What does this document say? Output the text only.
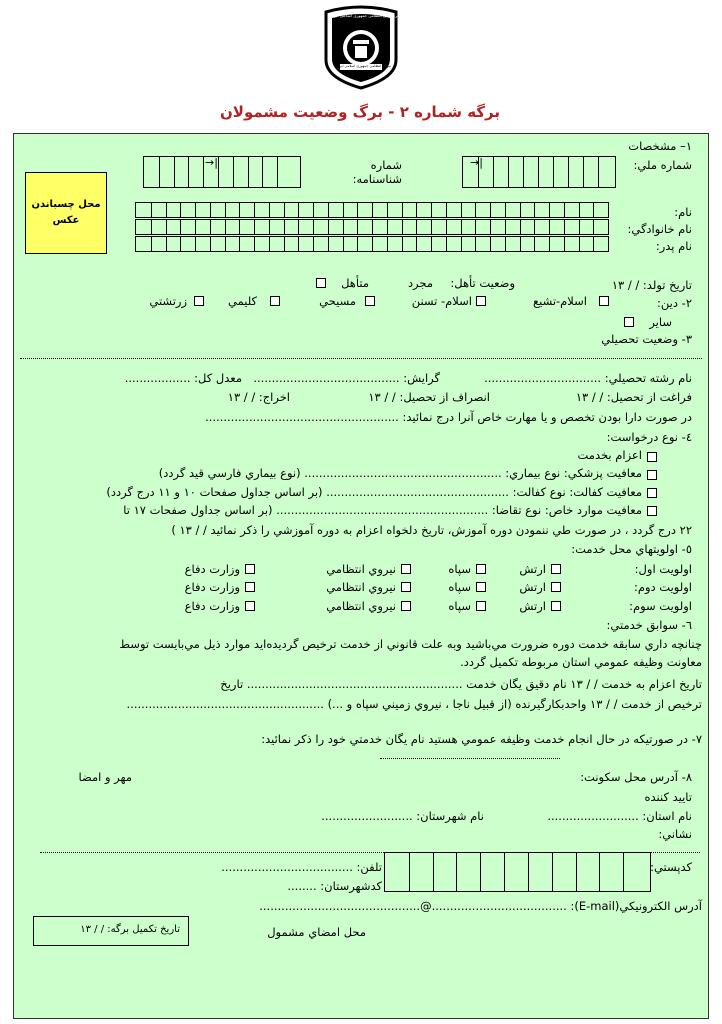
فرماندهی انتظامی جمهوری اسلامی ایران
نیروی انتظامی جمهوری اسلامی ایران
برگه شماره ۲ - برگ وضعيت مشمولان
۱– مشخصات
→|	شماره ملي:
→|	شماره
شناسنامه:
محل چسباندن
عكس
نام:
نام خانوادگي:
نام پدر:
تاريخ تولد: / / ۱۳
وضعيت تأهل:
مجرد
متأهل
۲- دين:
اسلام-تشيع
اسلام- تسنن
مسيحي
كليمي
زرتشتي
ساير
۳- وضعيت تحصيلي
نام رشته تحصيلي: ................................
گرايش: ........................................
معدل كل: ..................
فراغت از تحصيل: / / ۱۳
انصراف از تحصيل: / / ۱۳
اخراج: / / ۱۳
در صورت دارا بودن تخصص و يا مهارت خاص آنرا درج نمائيد: .....................................................
٤- نوع درخواست:
اعزام بخدمت
معافيت پزشكي: نوع بيماري: ...................................................... (نوع بيماري فارسي قيد گردد)
معافيت كفالت: نوع كفالت: .................................................. (بر اساس جداول صفحات ۱۰ و ۱۱ درج گردد)
معافيت موارد خاص: نوع تقاضا: .......................................................... (بر اساس جداول صفحات ۱۷ تا
۲۲ درج گردد ، در صورت طي ننمودن دوره آموزش، تاريخ دلخواه اعزام به دوره آموزشي را ذكر نمائيد / / ۱۳ )
٥- اولويتهاي محل خدمت:
اولويت اول:
ارتش
سپاه
نيروي انتظامي
وزارت دفاع
اولويت دوم:
ارتش
سپاه
نيروي انتظامي
وزارت دفاع
اولويت سوم:
ارتش
سپاه
نيروي انتظامي
وزارت دفاع
٦- سوابق خدمتي:
چنانچه داري سابقه خدمت دوره ضرورت مي‌باشيد وبه علت قانوني از خدمت ترخيص گرديده‌ايد موارد ذيل مي‌بايست توسط
معاونت وظيفه عمومي استان مربوطه تكميل گردد.
تاريخ اعزام به خدمت / / ۱۳ نام دقيق يگان خدمت ........................................................... تاريخ
ترخيص از خدمت / / ۱۳ واحدبكارگيرنده (از قبيل ناجا ، نيروي زميني سپاه و ...) ......................................................
۷- در صورتيكه در حال انجام خدمت وظيفه عمومي هستيد نام يگان خدمتي خود را ذكر نمائيد:
۸- آدرس محل سكونت:
مهر و امضا
تاييد كننده
نام استان: .........................
نام شهرستان: .........................
نشاني:
كدپستي:
تلفن: ....................................
كدشهرستان: ........
آدرس الكترونيكي(E-mail): .....................................@............................................
تاريخ تكميل برگه: / / ۱۳	محل امضاي مشمول
